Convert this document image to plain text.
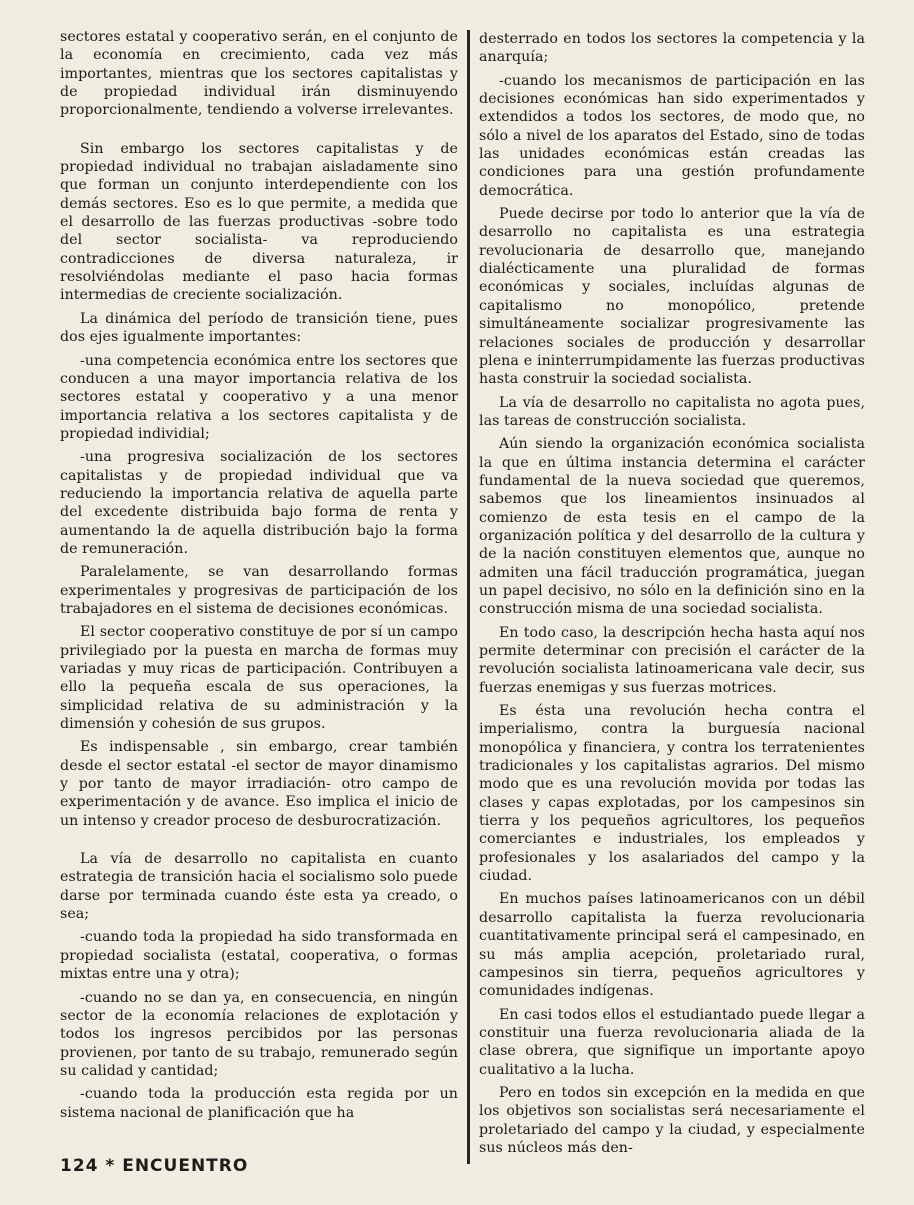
sectores estatal y cooperativo serán, en el conjunto de la economía en crecimiento, cada vez más importantes, mientras que los sectores capitalistas y de propiedad individual irán disminuyendo proporcionalmente, tendiendo a volverse irrelevantes.

Sin embargo los sectores capitalistas y de propiedad individual no trabajan aisladamente sino que forman un conjunto interdependiente con los demás sectores. Eso es lo que permite, a medida que el desarrollo de las fuerzas productivas -sobre todo del sector socialista- va reproduciendo contradicciones de diversa naturaleza, ir resolviéndolas mediante el paso hacia formas intermedias de creciente socialización.

La dinámica del período de transición tiene, pues dos ejes igualmente importantes:

-una competencia económica entre los sectores que conducen a una mayor importancia relativa de los sectores estatal y cooperativo y a una menor importancia relativa a los sectores capitalista y de propiedad individial;

-una progresiva socialización de los sectores capitalistas y de propiedad individual que va reduciendo la importancia relativa de aquella parte del excedente distribuida bajo forma de renta y aumentando la de aquella distribución bajo la forma de remuneración.

Paralelamente, se van desarrollando formas experimentales y progresivas de participación de los trabajadores en el sistema de decisiones económicas.

El sector cooperativo constituye de por sí un campo privilegiado por la puesta en marcha de formas muy variadas y muy ricas de participación. Contribuyen a ello la pequeña escala de sus operaciones, la simplicidad relativa de su administración y la dimensión y cohesión de sus grupos.

Es indispensable , sin embargo, crear también desde el sector estatal -el sector de mayor dinamismo y por tanto de mayor irradiación- otro campo de experimentación y de avance. Eso implica el inicio de un intenso y creador proceso de desburocratización.

La vía de desarrollo no capitalista en cuanto estrategia de transición hacia el socialismo solo puede darse por terminada cuando éste esta ya creado, o sea;

-cuando toda la propiedad ha sido transformada en propiedad socialista (estatal, cooperativa, o formas mixtas entre una y otra);

-cuando no se dan ya, en consecuencia, en ningún sector de la economía relaciones de explotación y todos los ingresos percibidos por las personas provienen, por tanto de su trabajo, remunerado según su calidad y cantidad;

-cuando toda la producción esta regida por un sistema nacional de planificación que ha

desterrado en todos los sectores la competencia y la anarquía;

-cuando los mecanismos de participación en las decisiones económicas han sido experimentados y extendidos a todos los sectores, de modo que, no sólo a nivel de los aparatos del Estado, sino de todas las unidades económicas están creadas las condiciones para una gestión profundamente democrática.

Puede decirse por todo lo anterior que la vía de desarrollo no capitalista es una estrategia revolucionaria de desarrollo que, manejando dialécticamente una pluralidad de formas económicas y sociales, incluídas algunas de capitalismo no monopólico, pretende simultáneamente socializar progresivamente las relaciones sociales de producción y desarrollar plena e ininterrumpidamente las fuerzas productivas hasta construir la sociedad socialista.

La vía de desarrollo no capitalista no agota pues, las tareas de construcción socialista.

Aún siendo la organización económica socialista la que en última instancia determina el carácter fundamental de la nueva sociedad que queremos, sabemos que los lineamientos insinuados al comienzo de esta tesis en el campo de la organización política y del desarrollo de la cultura y de la nación constituyen elementos que, aunque no admiten una fácil traducción programática, juegan un papel decisivo, no sólo en la definición sino en la construcción misma de una sociedad socialista.

En todo caso, la descripción hecha hasta aquí nos permite determinar con precisión el carácter de la revolución socialista latinoamericana vale decir, sus fuerzas enemigas y sus fuerzas motrices.

Es ésta una revolución hecha contra el imperialismo, contra la burguesía nacional monopólica y financiera, y contra los terratenientes tradicionales y los capitalistas agrarios. Del mismo modo que es una revolución movida por todas las clases y capas explotadas, por los campesinos sin tierra y los pequeños agricultores, los pequeños comerciantes e industriales, los empleados y profesionales y los asalariados del campo y la ciudad.

En muchos países latinoamericanos con un débil desarrollo capitalista la fuerza revolucionaria cuantitativamente principal será el campesinado, en su más amplia acepción, proletariado rural, campesinos sin tierra, pequeños agricultores y comunidades indígenas.

En casi todos ellos el estudiantado puede llegar a constituir una fuerza revolucionaria aliada de la clase obrera, que signifique un importante apoyo cualitativo a la lucha.

Pero en todos sin excepción en la medida en que los objetivos son socialistas será necesariamente el proletariado del campo y la ciudad, y especialmente sus núcleos más den-

124 * ENCUENTRO
